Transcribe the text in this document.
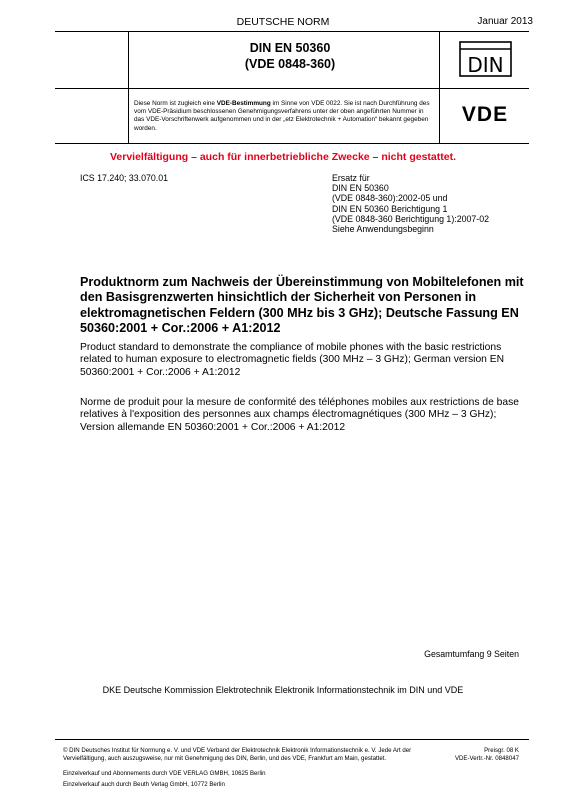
DEUTSCHE NORM	Januar 2013
DIN EN 50360
(VDE 0848-360)	DIN
Diese Norm ist zugleich eine VDE-Bestimmung im Sinne von VDE 0022. Sie ist nach Durchführung des vom VDE-Präsidium beschlossenen Genehmigungsverfahrens unter der oben angeführten Nummer in das VDE-Vorschriftenwerk aufgenommen und in der „etz Elektrotechnik + Automation“ bekannt gegeben worden.
VDE
Vervielfältigung – auch für innerbetriebliche Zwecke – nicht gestattet.
ICS 17.240; 33.070.01	Ersatz für
DIN EN 50360
(VDE 0848-360):2002-05 und
DIN EN 50360 Berichtigung 1
(VDE 0848-360 Berichtigung 1):2007-02
Siehe Anwendungsbeginn
Produktnorm zum Nachweis der Übereinstimmung von Mobiltelefonen mit den Basisgrenzwerten hinsichtlich der Sicherheit von Personen in elektromagnetischen Feldern (300 MHz bis 3 GHz); Deutsche Fassung EN 50360:2001 + Cor.:2006 + A1:2012
Product standard to demonstrate the compliance of mobile phones with the basic restrictions related to human exposure to electromagnetic fields (300 MHz – 3 GHz); German version EN 50360:2001 + Cor.:2006 + A1:2012
Norme de produit pour la mesure de conformité des téléphones mobiles aux restrictions de base relatives à l'exposition des personnes aux champs électromagnétiques (300 MHz – 3 GHz); Version allemande EN 50360:2001 + Cor.:2006 + A1:2012
Gesamtumfang 9 Seiten
DKE Deutsche Kommission Elektrotechnik Elektronik Informationstechnik im DIN und VDE
© DIN Deutsches Institut für Normung e. V. und VDE Verband der Elektrotechnik Elektronik Informationstechnik e. V. Jede Art der Vervielfältigung, auch auszugsweise, nur mit Genehmigung des DIN, Berlin, und des VDE, Frankfurt am Main, gestattet.
Preisgr. 08 K
VDE-Vertr.-Nr. 0848047
Einzelverkauf und Abonnements durch VDE VERLAG GMBH, 10625 Berlin
Einzelverkauf auch durch Beuth Verlag GmbH, 10772 Berlin
